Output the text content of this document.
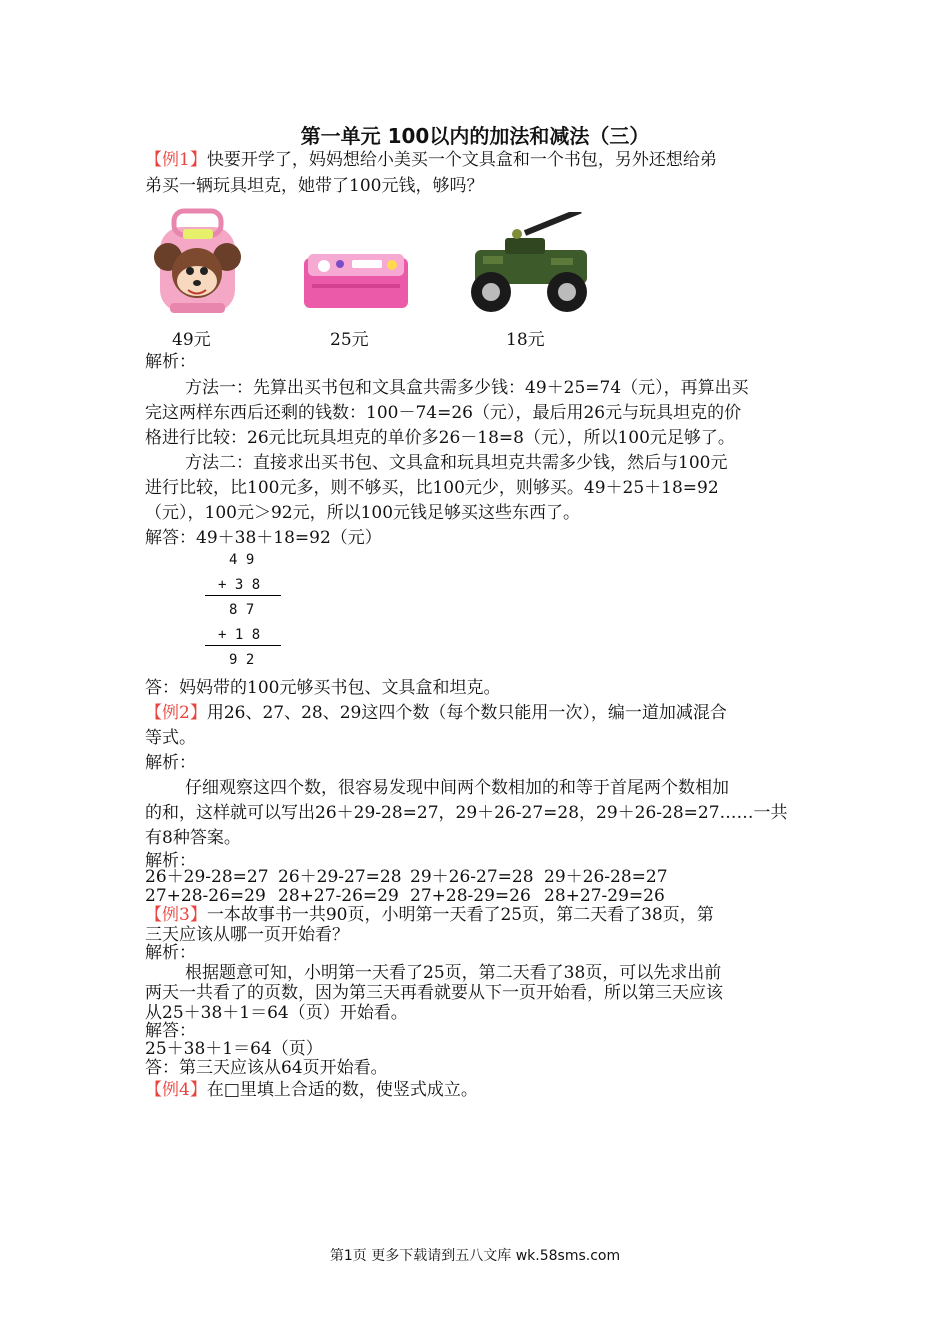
第一单元 100以内的加法和减法（三）
【例1】快要开学了，妈妈想给小美买一个文具盒和一个书包，另外还想给弟
弟买一辆玩具坦克，她带了100元钱，够吗？
49元	25元	18元
解析：
方法一：先算出买书包和文具盒共需多少钱：49＋25=74（元），再算出买
完这两样东西后还剩的钱数：100－74=26（元），最后用26元与玩具坦克的价
格进行比较：26元比玩具坦克的单价多26－18=8（元），所以100元足够了。
方法二：直接求出买书包、文具盒和玩具坦克共需多少钱，然后与100元
进行比较，比100元多，则不够买，比100元少，则够买。49＋25＋18=92
（元），100元＞92元，所以100元钱足够买这些东西了。
解答：49＋38＋18=92（元）
4 9
+ 3 8
8 7
+ 1 8
9 2
答：妈妈带的100元够买书包、文具盒和坦克。
【例2】用26、27、28、29这四个数（每个数只能用一次），编一道加减混合
等式。
解析：
仔细观察这四个数，很容易发现中间两个数相加的和等于首尾两个数相加
的和，这样就可以写出26＋29-28=27，29＋26-27=28，29＋26-28=27……一共
有8种答案。
解析：
26＋29-28=27 26＋29-27=28 29＋26-27=28 29＋26-28=27
27+28-26=29 28+27-26=29 27+28-29=26 28+27-29=26
【例3】一本故事书一共90页，小明第一天看了25页，第二天看了38页，第
三天应该从哪一页开始看？
解析：
根据题意可知，小明第一天看了25页，第二天看了38页，可以先求出前
两天一共看了的页数，因为第三天再看就要从下一页开始看，所以第三天应该
从25＋38＋1＝64（页）开始看。
解答：
25＋38＋1＝64（页）
答：第三天应该从64页开始看。
【例4】在□里填上合适的数，使竖式成立。
第1页 更多下载请到五八文库 wk.58sms.com
